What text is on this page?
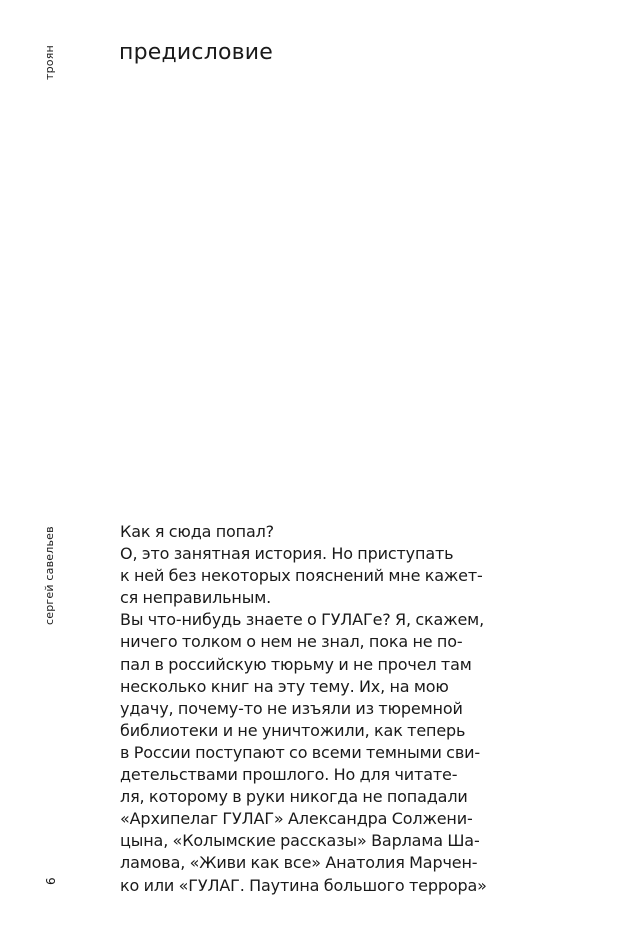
троян
сергей савельев
6
предисловие
Как я сюда попал?
О, это занятная история. Но приступать
к ней без некоторых пояснений мне кажет-
ся неправильным.
Вы что-нибудь знаете о ГУЛАГе? Я, скажем,
ничего толком о нем не знал, пока не по-
пал в российскую тюрьму и не прочел там
несколько книг на эту тему. Их, на мою
удачу, почему-то не изъяли из тюремной
библиотеки и не уничтожили, как теперь
в России поступают со всеми темными сви-
детельствами прошлого. Но для читате-
ля, которому в руки никогда не попадали
«Архипелаг ГУЛАГ» Александра Солжени-
цына, «Колымские рассказы» Варлама Ша-
ламова, «Живи как все» Анатолия Марчен-
ко или «ГУЛАГ. Паутина большого террора»
